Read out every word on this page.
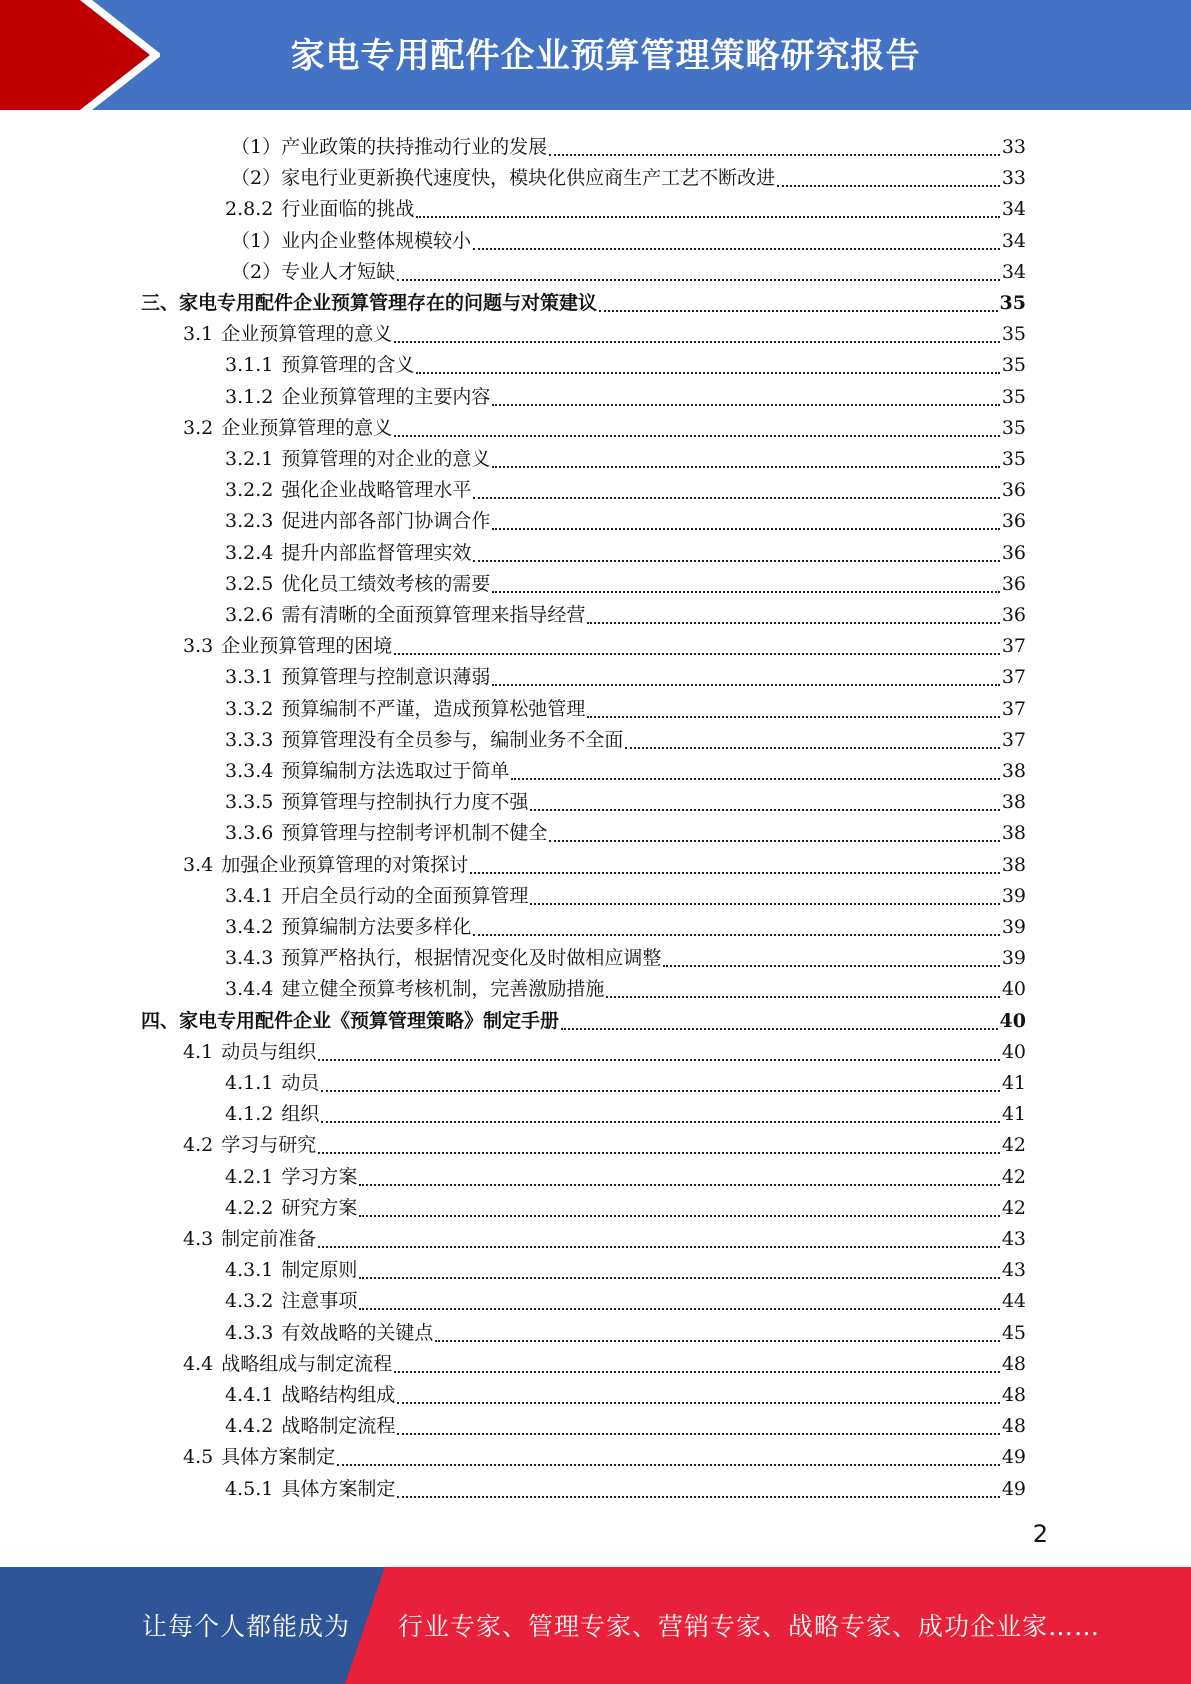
家电专用配件企业预算管理策略研究报告
（1）产业政策的扶持推动行业的发展	33
（2）家电行业更新换代速度快，模块化供应商生产工艺不断改进	33
2.8.2 行业面临的挑战	34
（1）业内企业整体规模较小	34
（2）专业人才短缺	34
三、家电专用配件企业预算管理存在的问题与对策建议	35
3.1 企业预算管理的意义	35
3.1.1 预算管理的含义	35
3.1.2 企业预算管理的主要内容	35
3.2 企业预算管理的意义	35
3.2.1 预算管理的对企业的意义	35
3.2.2 强化企业战略管理水平	36
3.2.3 促进内部各部门协调合作	36
3.2.4 提升内部监督管理实效	36
3.2.5 优化员工绩效考核的需要	36
3.2.6 需有清晰的全面预算管理来指导经营	36
3.3 企业预算管理的困境	37
3.3.1 预算管理与控制意识薄弱	37
3.3.2 预算编制不严谨，造成预算松弛管理	37
3.3.3 预算管理没有全员参与，编制业务不全面	37
3.3.4 预算编制方法选取过于简单	38
3.3.5 预算管理与控制执行力度不强	38
3.3.6 预算管理与控制考评机制不健全	38
3.4 加强企业预算管理的对策探讨	38
3.4.1 开启全员行动的全面预算管理	39
3.4.2 预算编制方法要多样化	39
3.4.3 预算严格执行，根据情况变化及时做相应调整	39
3.4.4 建立健全预算考核机制，完善激励措施	40
四、家电专用配件企业《预算管理策略》制定手册	40
4.1 动员与组织	40
4.1.1 动员	41
4.1.2 组织	41
4.2 学习与研究	42
4.2.1 学习方案	42
4.2.2 研究方案	42
4.3 制定前准备	43
4.3.1 制定原则	43
4.3.2 注意事项	44
4.3.3 有效战略的关键点	45
4.4 战略组成与制定流程	48
4.4.1 战略结构组成	48
4.4.2 战略制定流程	48
4.5 具体方案制定	49
4.5.1 具体方案制定	49
2
让每个人都能成为 行业专家、管理专家、营销专家、战略专家、成功企业家……
